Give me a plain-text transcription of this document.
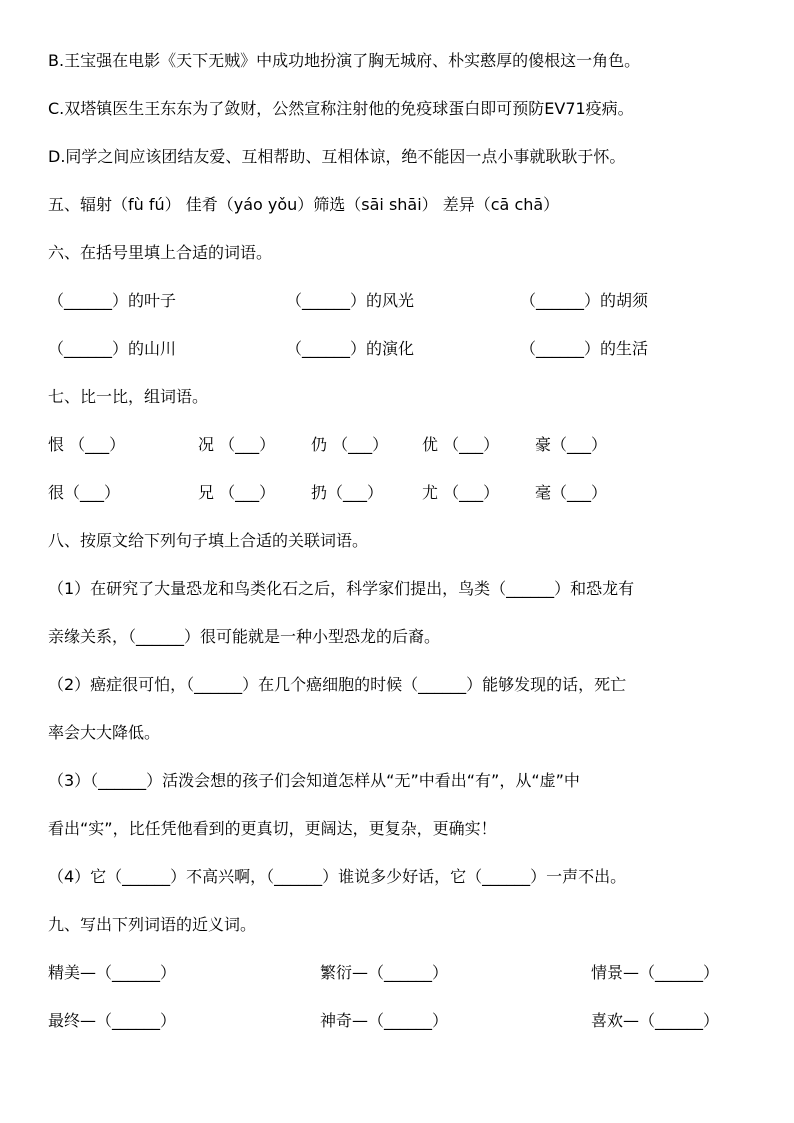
B.王宝强在电影《天下无贼》中成功地扮演了胸无城府、朴实憨厚的傻根这一角色。
C.双塔镇医生王东东为了敛财，公然宣称注射他的免疫球蛋白即可预防EV71疫病。
D.同学之间应该团结友爱、互相帮助、互相体谅，绝不能因一点小事就耿耿于怀。
五、辐射（fù fú） 佳肴（yáo yǒu）筛选（sāi shāi） 差异（cā chā）
六、在括号里填上合适的词语。
（______）的叶子	（______）的风光	（______）的胡须
（______）的山川	（______）的演化	（______）的生活
七、比一比，组词语。
恨 （___）	况 （___） 仍 （___） 优 （___） 豪（___）
很（___）	兄 （___） 扔（___） 尤 （___） 毫（___）
八、按原文给下列句子填上合适的关联词语。
（1）在研究了大量恐龙和鸟类化石之后，科学家们提出，鸟类（______）和恐龙有
亲缘关系，（______）很可能就是一种小型恐龙的后裔。
（2）癌症很可怕，（______）在几个癌细胞的时候（______）能够发现的话，死亡
率会大大降低。
（3）（______）活泼会想的孩子们会知道怎样从“无”中看出“有”，从“虚”中
看出“实”，比任凭他看到的更真切，更阔达，更复杂，更确实！
（4）它（______）不高兴啊，（______）谁说多少好话，它（______）一声不出。
九、写出下列词语的近义词。
精美—（______）	繁衍—（______）	情景—（______）
最终—（______）	神奇—（______）	喜欢—（______）
